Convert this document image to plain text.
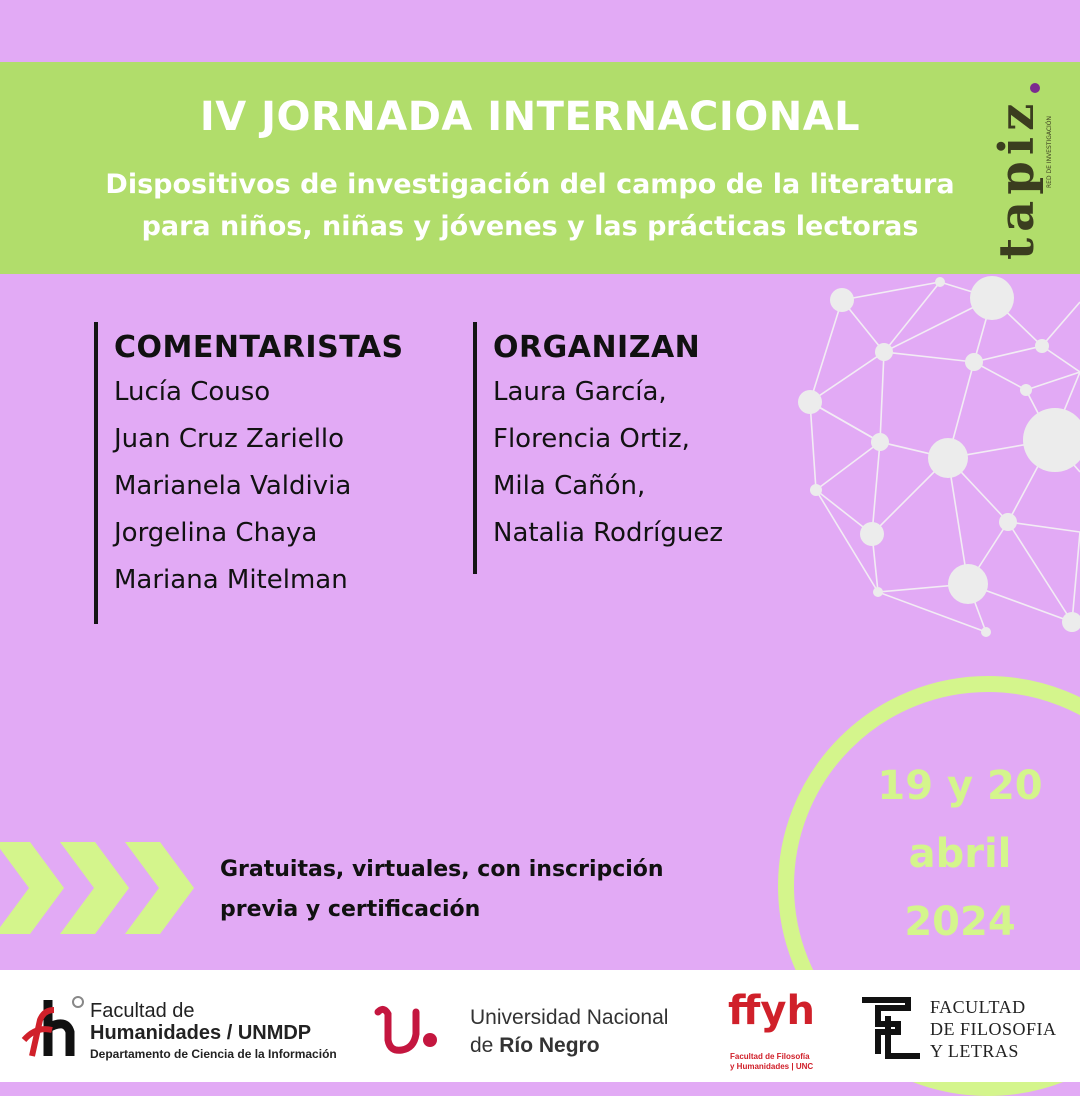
IV JORNADA INTERNACIONAL
Dispositivos de investigación del campo de la literatura
para niños, niñas y jóvenes y las prácticas lectoras	tapiz RED DE INVESTIGACIÓN
COMENTARISTAS
Lucía Couso
Juan Cruz Zariello
Marianela Valdivia
Jorgelina Chaya
Mariana Mitelman
ORGANIZAN
Laura García,
Florencia Ortiz,
Mila Cañón,
Natalia Rodríguez
Gratuitas, virtuales, con inscripción
previa y certificación
19 y 20
abril
2024
Facultad de
Humanidades / UNMDP
Departamento de Ciencia de la Información
Universidad Nacional
de Río Negro
ffyh
Facultad de Filosofía
y Humanidades | UNC
FACULTAD
DE FILOSOFIA
Y LETRAS
